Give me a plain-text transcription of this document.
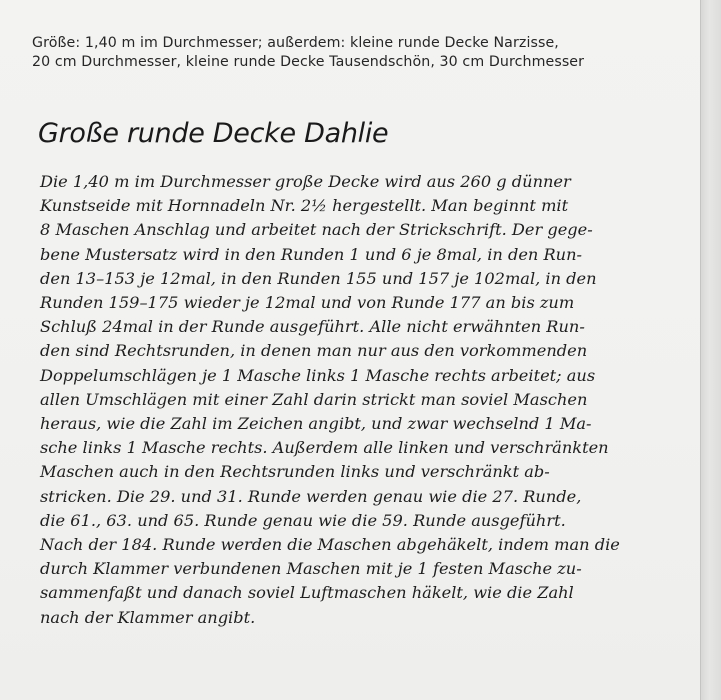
Größe: 1,40 m im Durchmesser; außerdem: kleine runde Decke Narzisse,
20 cm Durchmesser, kleine runde Decke Tausendschön, 30 cm Durchmesser
Große runde Decke Dahlie
Die 1,40 m im Durchmesser große Decke wird aus 260 g dünner
Kunstseide mit Hornnadeln Nr. 2½ hergestellt. Man beginnt mit
8 Maschen Anschlag und arbeitet nach der Strickschrift. Der gege-
bene Mustersatz wird in den Runden 1 und 6 je 8mal, in den Run-
den 13–153 je 12mal, in den Runden 155 und 157 je 102mal, in den
Runden 159–175 wieder je 12mal und von Runde 177 an bis zum
Schluß 24mal in der Runde ausgeführt. Alle nicht erwähnten Run-
den sind Rechtsrunden, in denen man nur aus den vorkommenden
Doppelumschlägen je 1 Masche links 1 Masche rechts arbeitet; aus
allen Umschlägen mit einer Zahl darin strickt man soviel Maschen
heraus, wie die Zahl im Zeichen angibt, und zwar wechselnd 1 Ma-
sche links 1 Masche rechts. Außerdem alle linken und verschränkten
Maschen auch in den Rechtsrunden links und verschränkt ab-
stricken. Die 29. und 31. Runde werden genau wie die 27. Runde,
die 61., 63. und 65. Runde genau wie die 59. Runde ausgeführt.
Nach der 184. Runde werden die Maschen abgehäkelt, indem man die
durch Klammer verbundenen Maschen mit je 1 festen Masche zu-
sammenfaßt und danach soviel Luftmaschen häkelt, wie die Zahl
nach der Klammer angibt.
